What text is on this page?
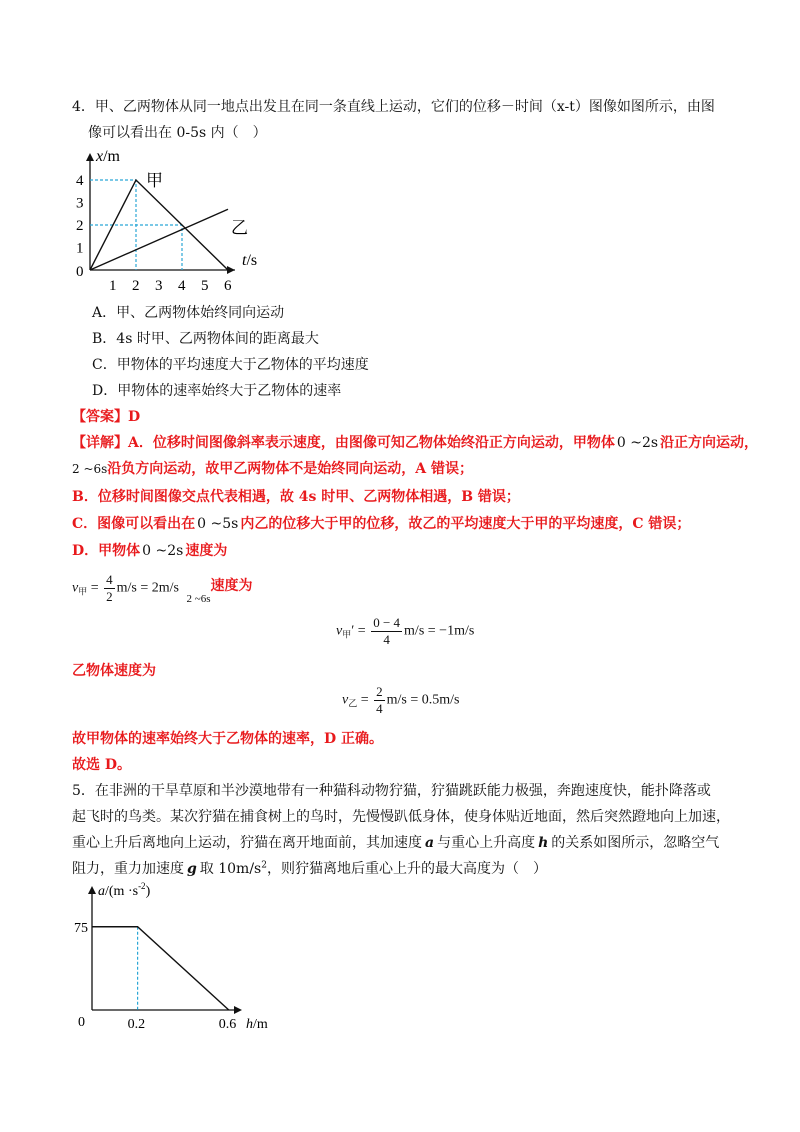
4．甲、乙两物体从同一地点出发且在同一条直线上运动，它们的位移－时间（x-t）图像如图所示，由图
像可以看出在 0-5s 内（　）
x/m
t/s
0
1 2 3 4 5 6
1
2
3
4	甲
乙
A．甲、乙两物体始终同向运动
B．4s 时甲、乙两物体间的距离最大
C．甲物体的平均速度大于乙物体的平均速度
D．甲物体的速率始终大于乙物体的速率
【答案】D
【详解】A．位移时间图像斜率表示速度，由图像可知乙物体始终沿正方向运动，甲物体 0 ~2s 沿正方向运动，
2 ~6s沿负方向运动，故甲乙两物体不是始终同向运动，A 错误；
B．位移时间图像交点代表相遇，故 4s 时甲、乙两物体相遇，B 错误；
C．图像可以看出在 0 ~5s 内乙的位移大于甲的位移，故乙的平均速度大于甲的平均速度，C 错误；
D．甲物体 0 ~2s 速度为
$v_甲 = \frac{4}{2} m/s = 2m/s$ $_{2 \sim 6s}$速度为
$v_甲' = \frac{0 - 4}{4} m/s = -1m/s$
乙物体速度为
$v_乙 = \frac{2}{4} m/s = 0.5m/s$
故甲物体的速率始终大于乙物体的速率，D 正确。
故选 D。
5．在非洲的干旱草原和半沙漠地带有一种猫科动物狞猫，狞猫跳跃能力极强，奔跑速度快，能扑降落或
起飞时的鸟类。某次狞猫在捕食树上的鸟时，先慢慢趴低身体，使身体贴近地面，然后突然蹬地向上加速，
重心上升后离地向上运动，狞猫在离开地面前，其加速度 a 与重心上升高度 h 的关系如图所示，忽略空气
阻力，重力加速度 g 取 $10m/s^2$，则狞猫离地后重心上升的最大高度为（　）
$a/(m \cdot s^{-2})$
h/m
0	0.2	0.6
75
